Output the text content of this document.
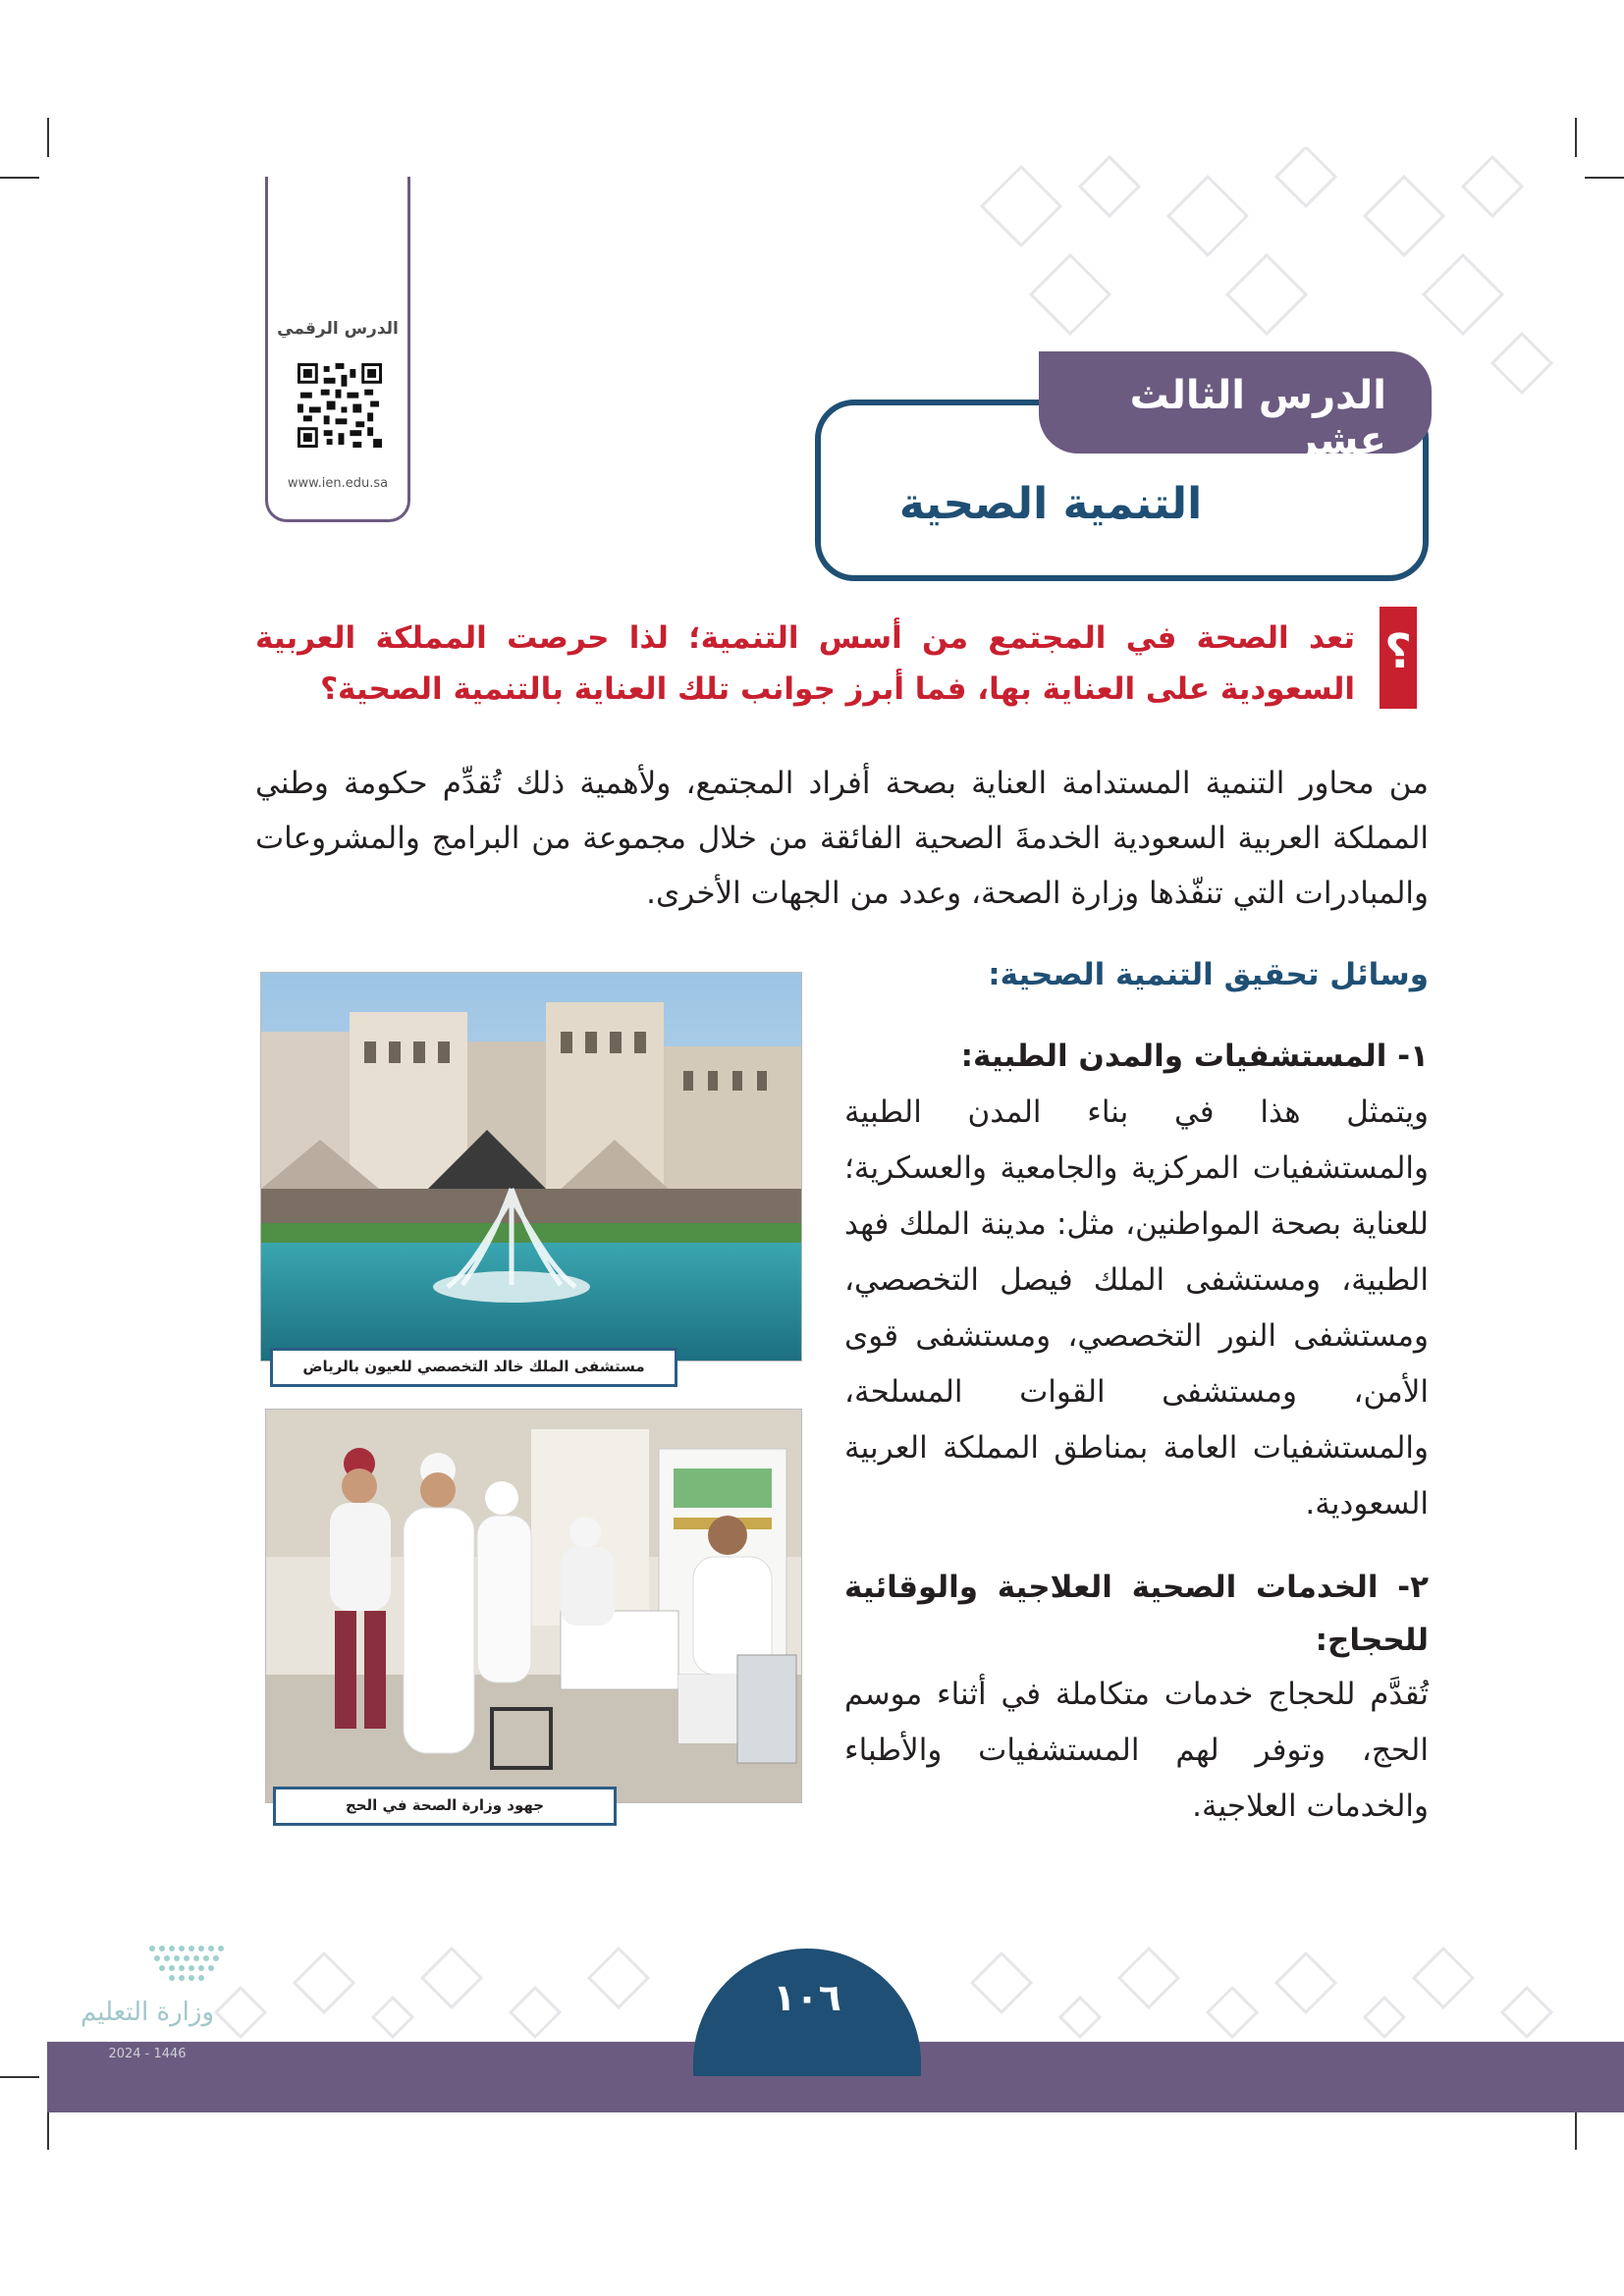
الدرس الرقمي
www.ien.edu.sa
الدرس الثالث عشر
التنمية الصحية
؟
تعد الصحة في المجتمع من أسس التنمية؛ لذا حرصت المملكة العربية السعودية على العناية بها، فما أبرز جوانب تلك العناية بالتنمية الصحية؟
من محاور التنمية المستدامة العناية بصحة أفراد المجتمع، ولأهمية ذلك تُقدِّم حكومة وطني المملكة العربية السعودية الخدمةَ الصحية الفائقة من خلال مجموعة من البرامج والمشروعات والمبادرات التي تنفّذها وزارة الصحة، وعدد من الجهات الأخرى.
وسائل تحقيق التنمية الصحية:
١- المستشفيات والمدن الطبية:
ويتمثل هذا في بناء المدن الطبية والمستشفيات المركزية والجامعية والعسكرية؛ للعناية بصحة المواطنين، مثل: مدينة الملك فهد الطبية، ومستشفى الملك فيصل التخصصي، ومستشفى النور التخصصي، ومستشفى قوى الأمن، ومستشفى القوات المسلحة، والمستشفيات العامة بمناطق المملكة العربية السعودية.
٢- الخدمات الصحية العلاجية والوقائية للحجاج:
تُقدَّم للحجاج خدمات متكاملة في أثناء موسم الحج، وتوفر لهم المستشفيات والأطباء والخدمات العلاجية.
مستشفى الملك خالد التخصصي للعيون بالرياض
جهود وزارة الصحة في الحج
١٠٦
وزارة التعليم
2024 - 1446
